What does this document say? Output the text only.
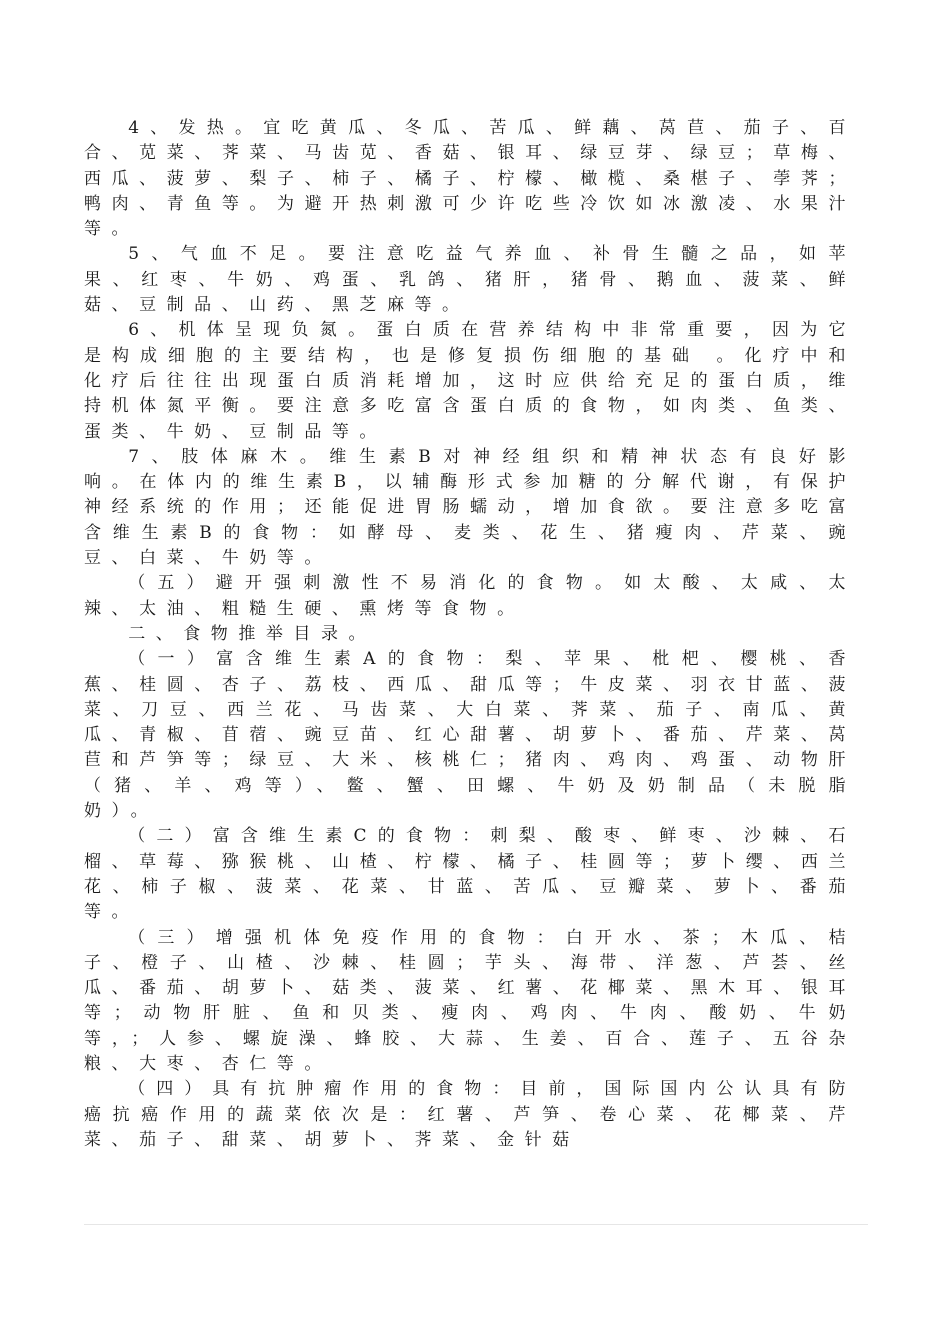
4、发热。宜吃黄瓜、冬瓜、苦瓜、鲜藕、莴苣、茄子、百合、苋菜、荠菜、马齿苋、香菇、银耳、绿豆芽、绿豆；草梅、西瓜、菠萝、梨子、柿子、橘子、柠檬、橄榄、桑椹子、荸荠；鸭肉、青鱼等。为避开热刺激可少许吃些冷饮如冰激凌、水果汁等。

5、气血不足。要注意吃益气养血、补骨生髓之品，如苹果、红枣、牛奶、鸡蛋、乳鸽、猪肝，猪骨、鹅血、菠菜、鲜菇、豆制品、山药、黑芝麻等。

6、机体呈现负氮。蛋白质在营养结构中非常重要，因为它是构成细胞的主要结构，也是修复损伤细胞的基础 。化疗中和化疗后往往出现蛋白质消耗增加，这时应供给充足的蛋白质，维持机体氮平衡。要注意多吃富含蛋白质的食物，如肉类、鱼类、蛋类、牛奶、豆制品等。

7、肢体麻木。维生素B对神经组织和精神状态有良好影响。在体内的维生素B，以辅酶形式参加糖的分解代谢，有保护神经系统的作用；还能促进胃肠蠕动，增加食欲。要注意多吃富含维生素B的食物：如酵母、麦类、花生、猪瘦肉、芹菜、豌豆、白菜、牛奶等。

（五）避开强刺激性不易消化的食物。如太酸、太咸、太辣、太油、粗糙生硬、熏烤等食物。

二、食物推举目录。

（一）富含维生素A的食物：梨、苹果、枇杷、樱桃、香蕉、桂圆、杏子、荔枝、西瓜、甜瓜等；牛皮菜、羽衣甘蓝、菠菜、刀豆、西兰花、马齿菜、大白菜、荠菜、茄子、南瓜、黄瓜、青椒、苜蓿、豌豆苗、红心甜薯、胡萝卜、番茄、芹菜、莴苣和芦笋等；绿豆、大米、核桃仁；猪肉、鸡肉、鸡蛋、动物肝（猪、羊、鸡等）、鳖、蟹、田螺、牛奶及奶制品（未脱脂奶）。

（二）富含维生素C的食物：刺梨、酸枣、鲜枣、沙棘、石榴、草莓、猕猴桃、山楂、柠檬、橘子、桂圆等；萝卜缨、西兰花、柿子椒、菠菜、花菜、甘蓝、苦瓜、豆瓣菜、萝卜、番茄等。

（三）增强机体免疫作用的食物：白开水、茶；木瓜、桔子、橙子、山楂、沙棘、桂圆；芋头、海带、洋葱、芦荟、丝瓜、番茄、胡萝卜、菇类、菠菜、红薯、花椰菜、黑木耳、银耳等；动物肝脏、鱼和贝类、瘦肉、鸡肉、牛肉、酸奶、牛奶等，；人参、螺旋澡、蜂胶、大蒜、生姜、百合、莲子、五谷杂粮、大枣、杏仁等。

（四）具有抗肿瘤作用的食物：目前，国际国内公认具有防癌抗癌作用的蔬菜依次是：红薯、芦笋、卷心菜、花椰菜、芹菜、茄子、甜菜、胡萝卜、荠菜、金针菇
